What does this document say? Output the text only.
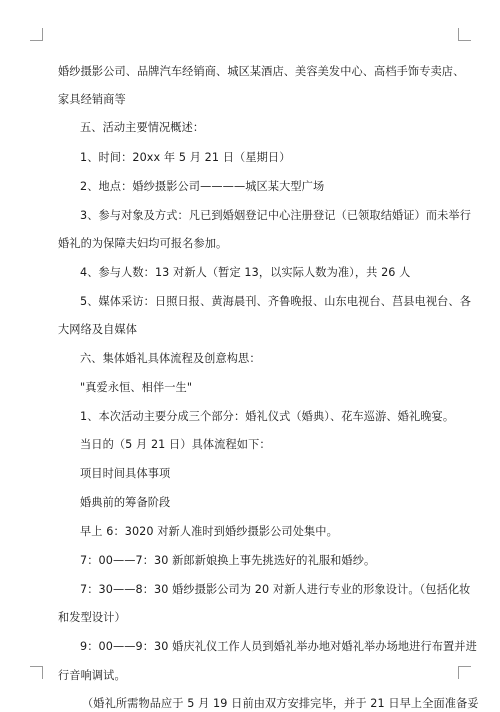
婚纱摄影公司、品牌汽车经销商、城区某酒店、美容美发中心、高档手饰专卖店、
家具经销商等
五、活动主要情况概述：
1、时间：20xx 年 5 月 21 日（星期日）
2、地点：婚纱摄影公司————城区某大型广场
3、参与对象及方式：凡已到婚姻登记中心注册登记（已领取结婚证）而未举行
婚礼的为保障夫妇均可报名参加。
4、参与人数：13 对新人（暂定 13，以实际人数为准），共 26 人
5、媒体采访：日照日报、黄海晨刊、齐鲁晚报、山东电视台、莒县电视台、各
大网络及自媒体
六、集体婚礼具体流程及创意构思：
"真爱永恒、相伴一生"
1、本次活动主要分成三个部分：婚礼仪式（婚典）、花车巡游、婚礼晚宴。
当日的（5 月 21 日）具体流程如下：
项目时间具体事项
婚典前的筹备阶段
早上 6：3020 对新人准时到婚纱摄影公司处集中。
7：00——7：30 新郎新娘换上事先挑选好的礼服和婚纱。
7：30——8：30 婚纱摄影公司为 20 对新人进行专业的形象设计。（包括化妆
和发型设计）
9：00——9：30 婚庆礼仪工作人员到婚礼举办地对婚礼举办场地进行布置并进
行音响调试。
（婚礼所需物品应于 5 月 19 日前由双方安排完毕，并于 21 日早上全面准备妥
